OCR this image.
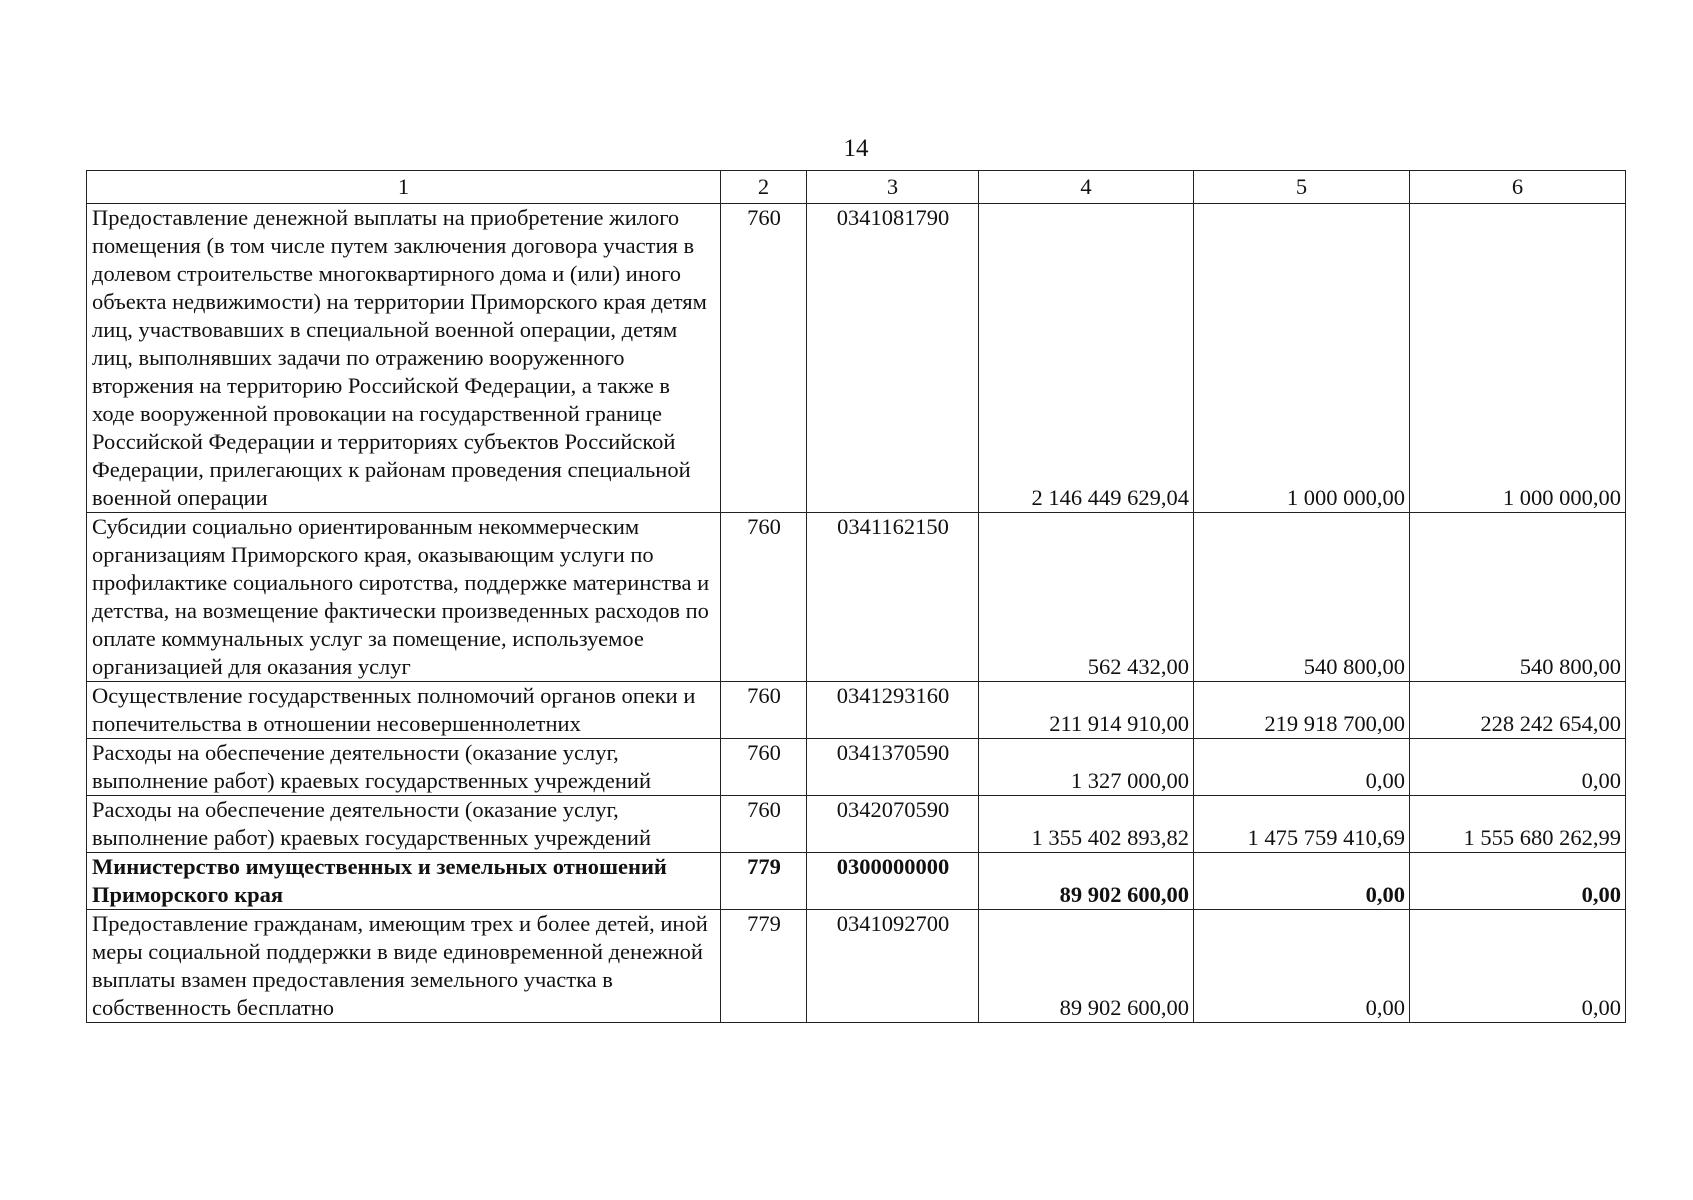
14
1	2	3	4	5	6
Предоставление денежной выплаты на приобретение жилого помещения (в том числе путем заключения договора участия в долевом строительстве многоквартирного дома и (или) иного объекта недвижимости) на территории Приморского края детям лиц, участвовавших в специальной военной операции, детям лиц, выполнявших задачи по отражению вооруженного вторжения на территорию Российской Федерации, а также в ходе вооруженной провокации на государственной границе Российской Федерации и территориях субъектов Российской Федерации, прилегающих к районам проведения специальной военной операции	760	0341081790	2 146 449 629,04	1 000 000,00	1 000 000,00
Субсидии социально ориентированным некоммерческим организациям Приморского края, оказывающим услуги по профилактике социального сиротства, поддержке материнства и детства, на возмещение фактически произведенных расходов по оплате коммунальных услуг за помещение, используемое организацией для оказания услуг	760	0341162150	562 432,00	540 800,00	540 800,00
Осуществление государственных полномочий органов опеки и попечительства в отношении несовершеннолетних	760	0341293160	211 914 910,00	219 918 700,00	228 242 654,00
Расходы на обеспечение деятельности (оказание услуг, выполнение работ) краевых государственных учреждений	760	0341370590	1 327 000,00	0,00	0,00
Расходы на обеспечение деятельности (оказание услуг, выполнение работ) краевых государственных учреждений	760	0342070590	1 355 402 893,82	1 475 759 410,69	1 555 680 262,99
Министерство имущественных и земельных отношений Приморского края	779	0300000000	89 902 600,00	0,00	0,00
Предоставление гражданам, имеющим трех и более детей, иной меры социальной поддержки в виде единовременной денежной выплаты взамен предоставления земельного участка в собственность бесплатно	779	0341092700	89 902 600,00	0,00	0,00
